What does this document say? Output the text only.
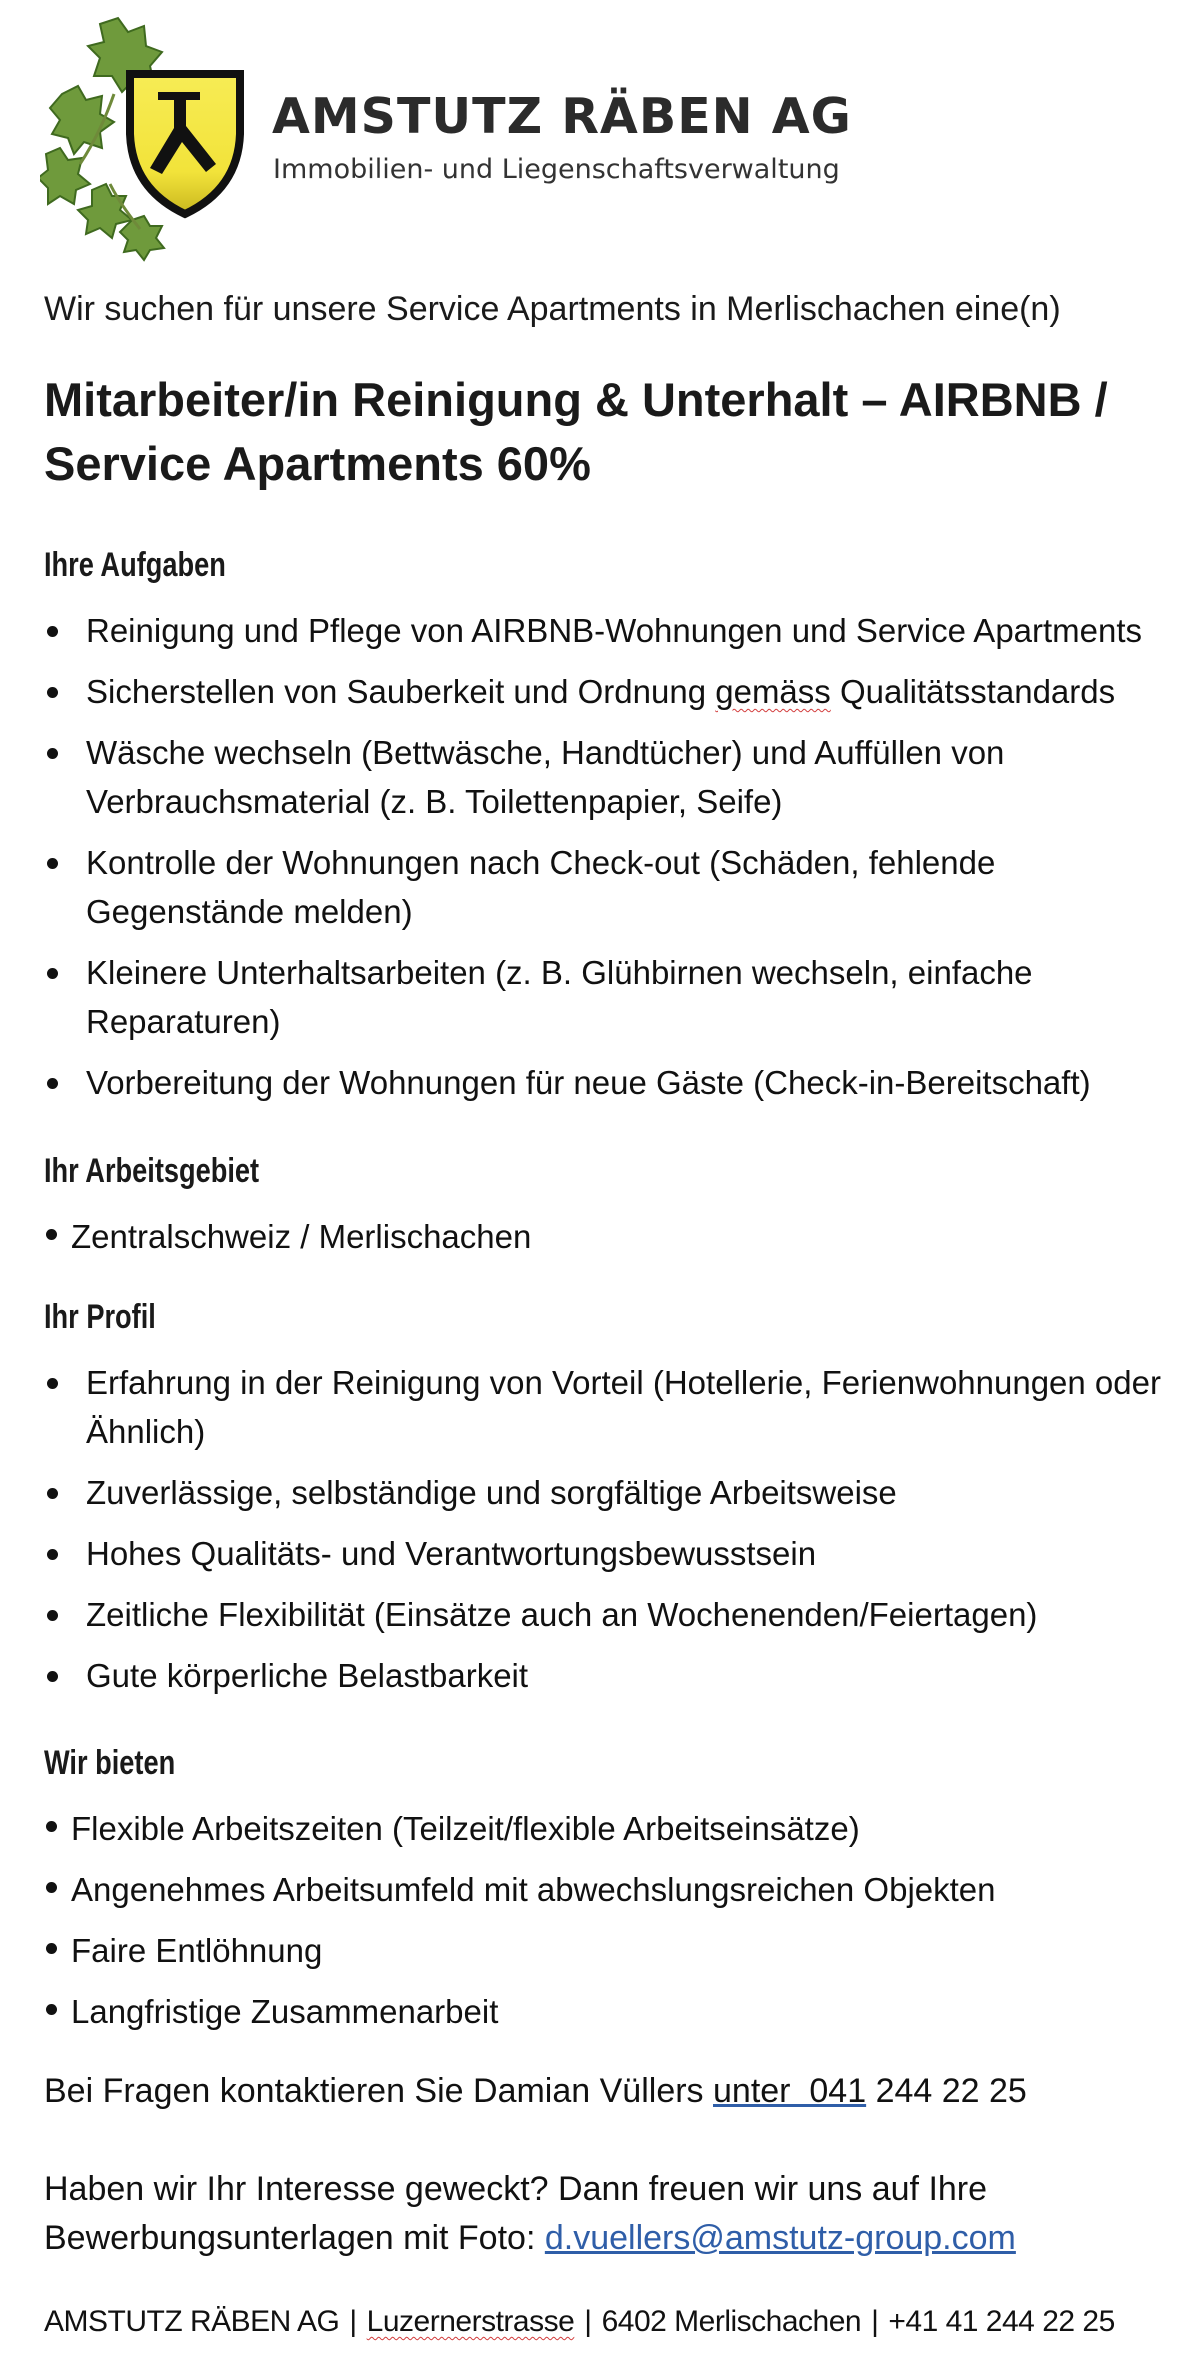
AMSTUTZ RÄBEN AG
Immobilien- und Liegenschaftsverwaltung
Wir suchen für unsere Service Apartments in Merlischachen eine(n)
Mitarbeiter/in Reinigung & Unterhalt – AIRBNB /
Service Apartments 60%
Ihre Aufgaben
Reinigung und Pflege von AIRBNB-Wohnungen und Service Apartments
Sicherstellen von Sauberkeit und Ordnung gemäss Qualitätsstandards
Wäsche wechseln (Bettwäsche, Handtücher) und Auffüllen von Verbrauchsmaterial (z. B. Toilettenpapier, Seife)
Kontrolle der Wohnungen nach Check-out (Schäden, fehlende Gegenstände melden)
Kleinere Unterhaltsarbeiten (z. B. Glühbirnen wechseln, einfache Reparaturen)
Vorbereitung der Wohnungen für neue Gäste (Check-in-Bereitschaft)
Ihr Arbeitsgebiet
Zentralschweiz / Merlischachen
Ihr Profil
Erfahrung in der Reinigung von Vorteil (Hotellerie, Ferienwohnungen oder Ähnlich)
Zuverlässige, selbständige und sorgfältige Arbeitsweise
Hohes Qualitäts- und Verantwortungsbewusstsein
Zeitliche Flexibilität (Einsätze auch an Wochenenden/Feiertagen)
Gute körperliche Belastbarkeit
Wir bieten
Flexible Arbeitszeiten (Teilzeit/flexible Arbeitseinsätze)
Angenehmes Arbeitsumfeld mit abwechslungsreichen Objekten
Faire Entlöhnung
Langfristige Zusammenarbeit
Bei Fragen kontaktieren Sie Damian Vüllers unter  041 244 22 25
Haben wir Ihr Interesse geweckt? Dann freuen wir uns auf Ihre
Bewerbungsunterlagen mit Foto: d.vuellers@amstutz-group.com
AMSTUTZ RÄBEN AG | Luzernerstrasse | 6402 Merlischachen | +41 41 244 22 25
